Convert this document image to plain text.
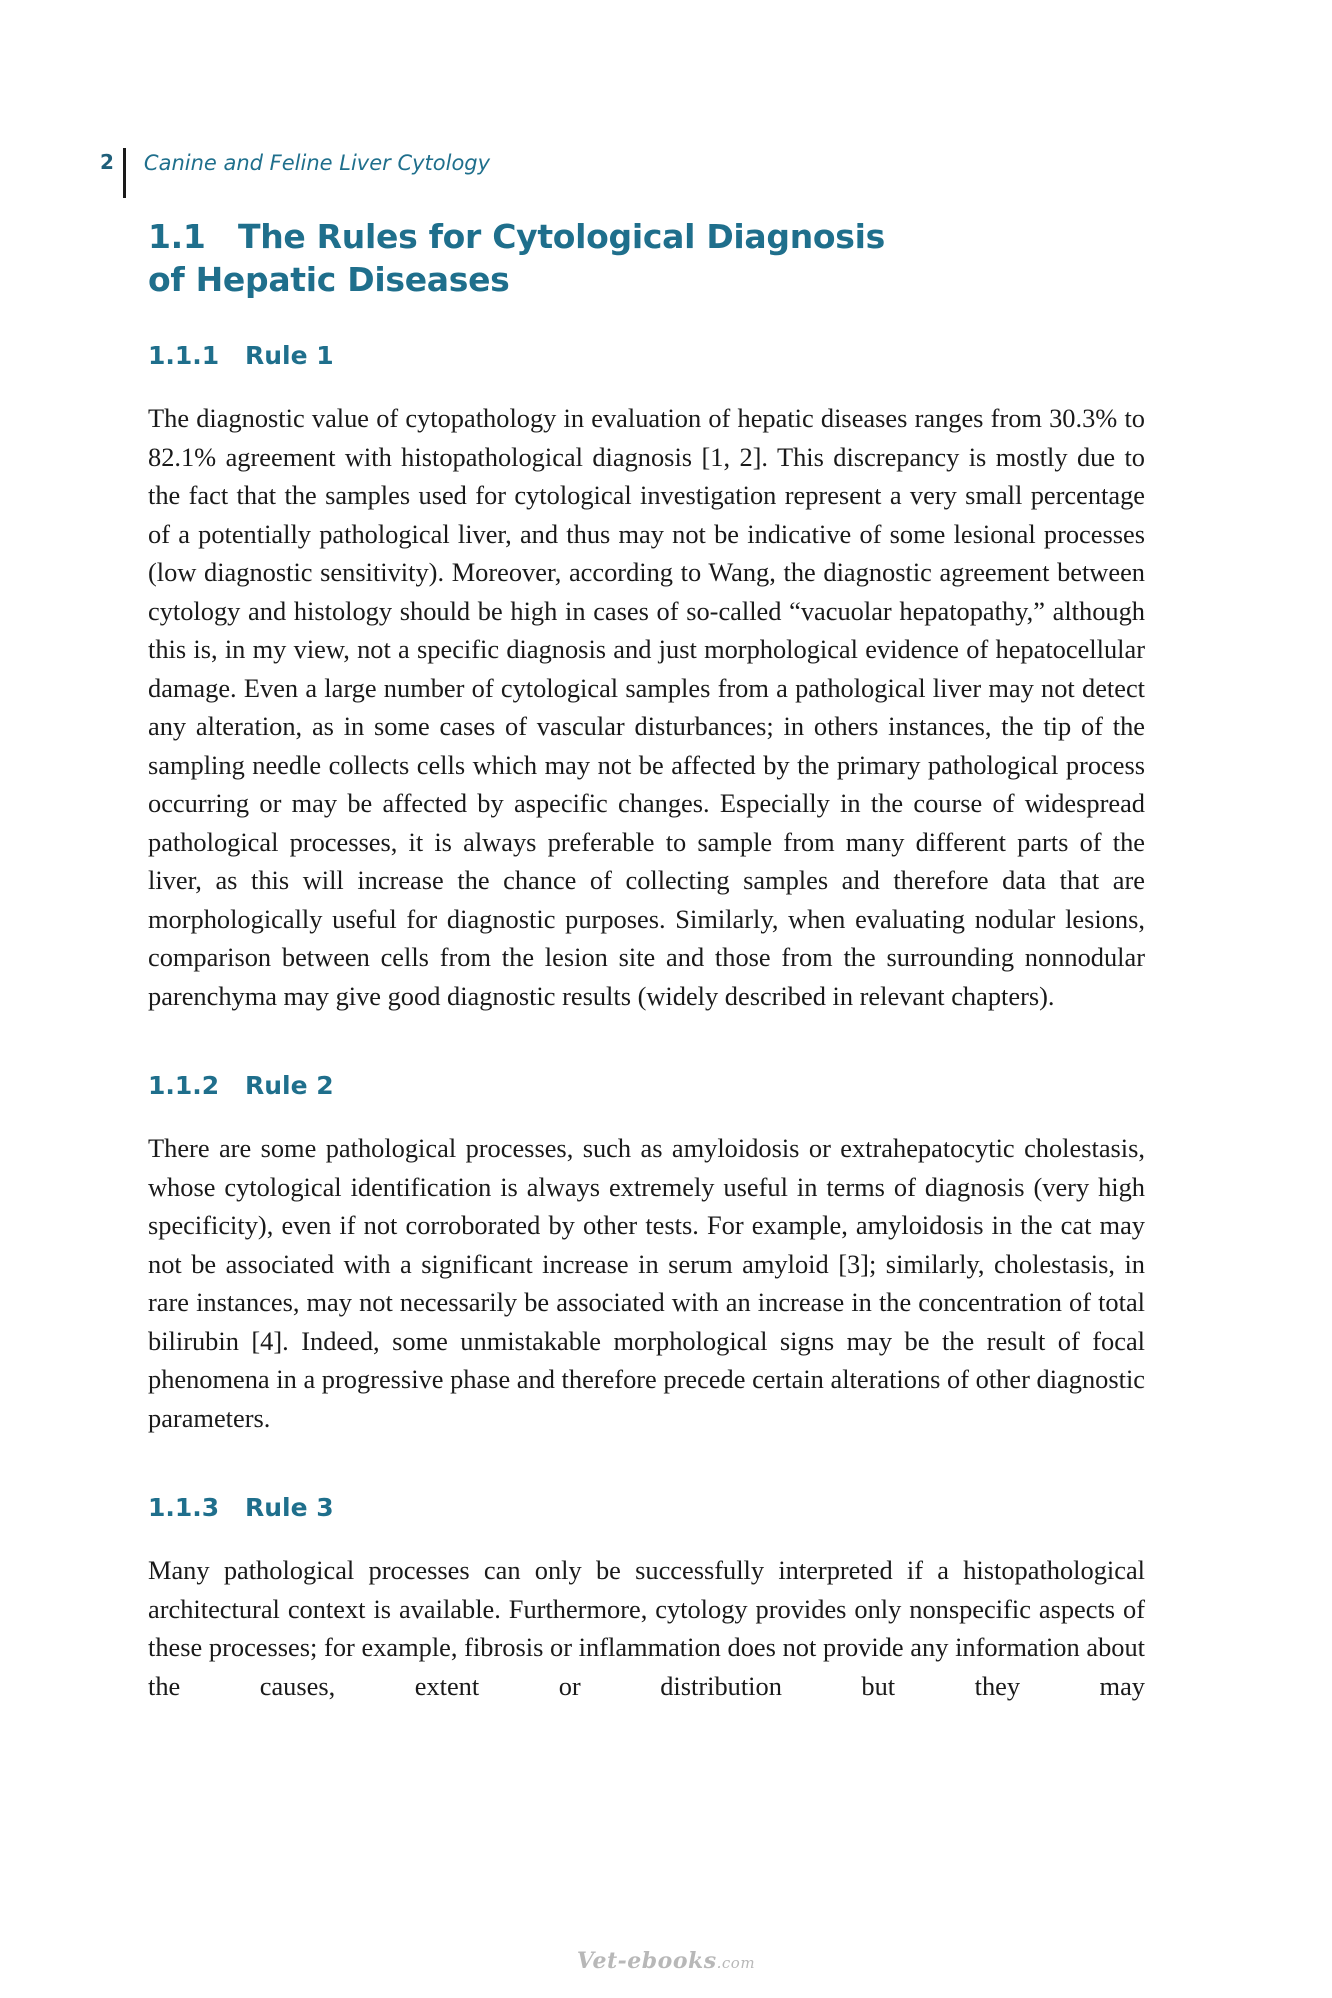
2 Canine and Feline Liver Cytology
1.1 The Rules for Cytological Diagnosis
of Hepatic Diseases
1.1.1 Rule 1

The diagnostic value of cytopathology in evaluation of hepatic diseases ranges from 30.3% to 82.1% agreement with histopathological diagnosis [1, 2]. This discrepancy is mostly due to the fact that the samples used for cytological investigation represent a very small percentage of a potentially pathological liver, and thus may not be indicative of some lesional processes (low diagnostic sensitivity). Moreover, according to Wang, the diagnostic agreement between cytology and histology should be high in cases of so-called “vacuolar hepatopathy,” although this is, in my view, not a specific diagnosis and just morphological evidence of hepatocellular damage. Even a large number of cytological samples from a pathological liver may not detect any alteration, as in some cases of vascular disturbances; in others instances, the tip of the sampling needle collects cells which may not be affected by the primary pathological process occurring or may be affected by aspecific changes. Especially in the course of widespread pathological processes, it is always preferable to sample from many different parts of the liver, as this will increase the chance of collecting samples and therefore data that are morphologically useful for diagnostic purposes. Similarly, when evaluating nodular lesions, comparison between cells from the lesion site and those from the surrounding nonnodular parenchyma may give good diagnostic results (widely described in relevant chapters).

1.1.2 Rule 2

There are some pathological processes, such as amyloidosis or extrahepatocytic cholestasis, whose cytological identification is always extremely useful in terms of diagnosis (very high specificity), even if not corroborated by other tests. For example, amyloidosis in the cat may not be associated with a significant increase in serum amyloid [3]; similarly, cholestasis, in rare instances, may not necessarily be associated with an increase in the concentration of total bilirubin [4]. Indeed, some unmistakable morphological signs may be the result of focal phenomena in a progressive phase and therefore precede certain alterations of other diagnostic parameters.

1.1.3 Rule 3

Many pathological processes can only be successfully interpreted if a histopathological architectural context is available. Furthermore, cytology provides only nonspecific aspects of these processes; for example, fibrosis or inflammation does not provide any information about the causes, extent or distribution but they may

Vet-ebooks.com
